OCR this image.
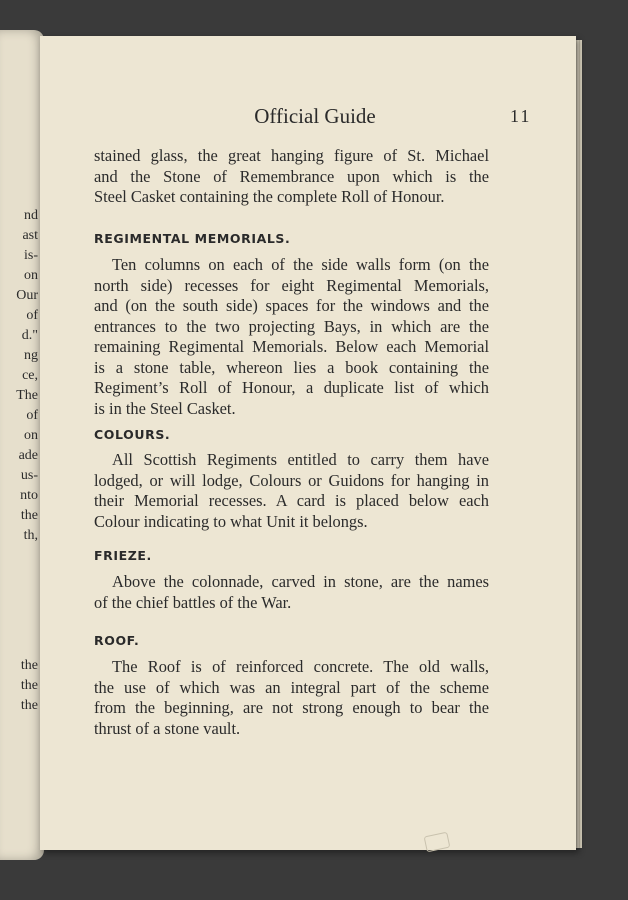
nd
ast
is-
on
Our
of
d."
ng
ce,
The
of
on
ade
us-
nto
the
th,
the
the
the
Official Guide	11

stained glass, the great hanging figure of St. Michael
and the Stone of Remembrance upon which is the
Steel Casket containing the complete Roll of Honour.

REGIMENTAL MEMORIALS.

Ten columns on each of the side walls form (on the
north side) recesses for eight Regimental Memorials,
and (on the south side) spaces for the windows and the
entrances to the two projecting Bays, in which are the
remaining Regimental Memorials. Below each Memorial
is a stone table, whereon lies a book containing the
Regiment’s Roll of Honour, a duplicate list of which
is in the Steel Casket.

COLOURS.

All Scottish Regiments entitled to carry them have
lodged, or will lodge, Colours or Guidons for hanging in
their Memorial recesses. A card is placed below each
Colour indicating to what Unit it belongs.

FRIEZE.

Above the colonnade, carved in stone, are the names
of the chief battles of the War.

ROOF.

The Roof is of reinforced concrete. The old walls,
the use of which was an integral part of the scheme
from the beginning, are not strong enough to bear the
thrust of a stone vault.
